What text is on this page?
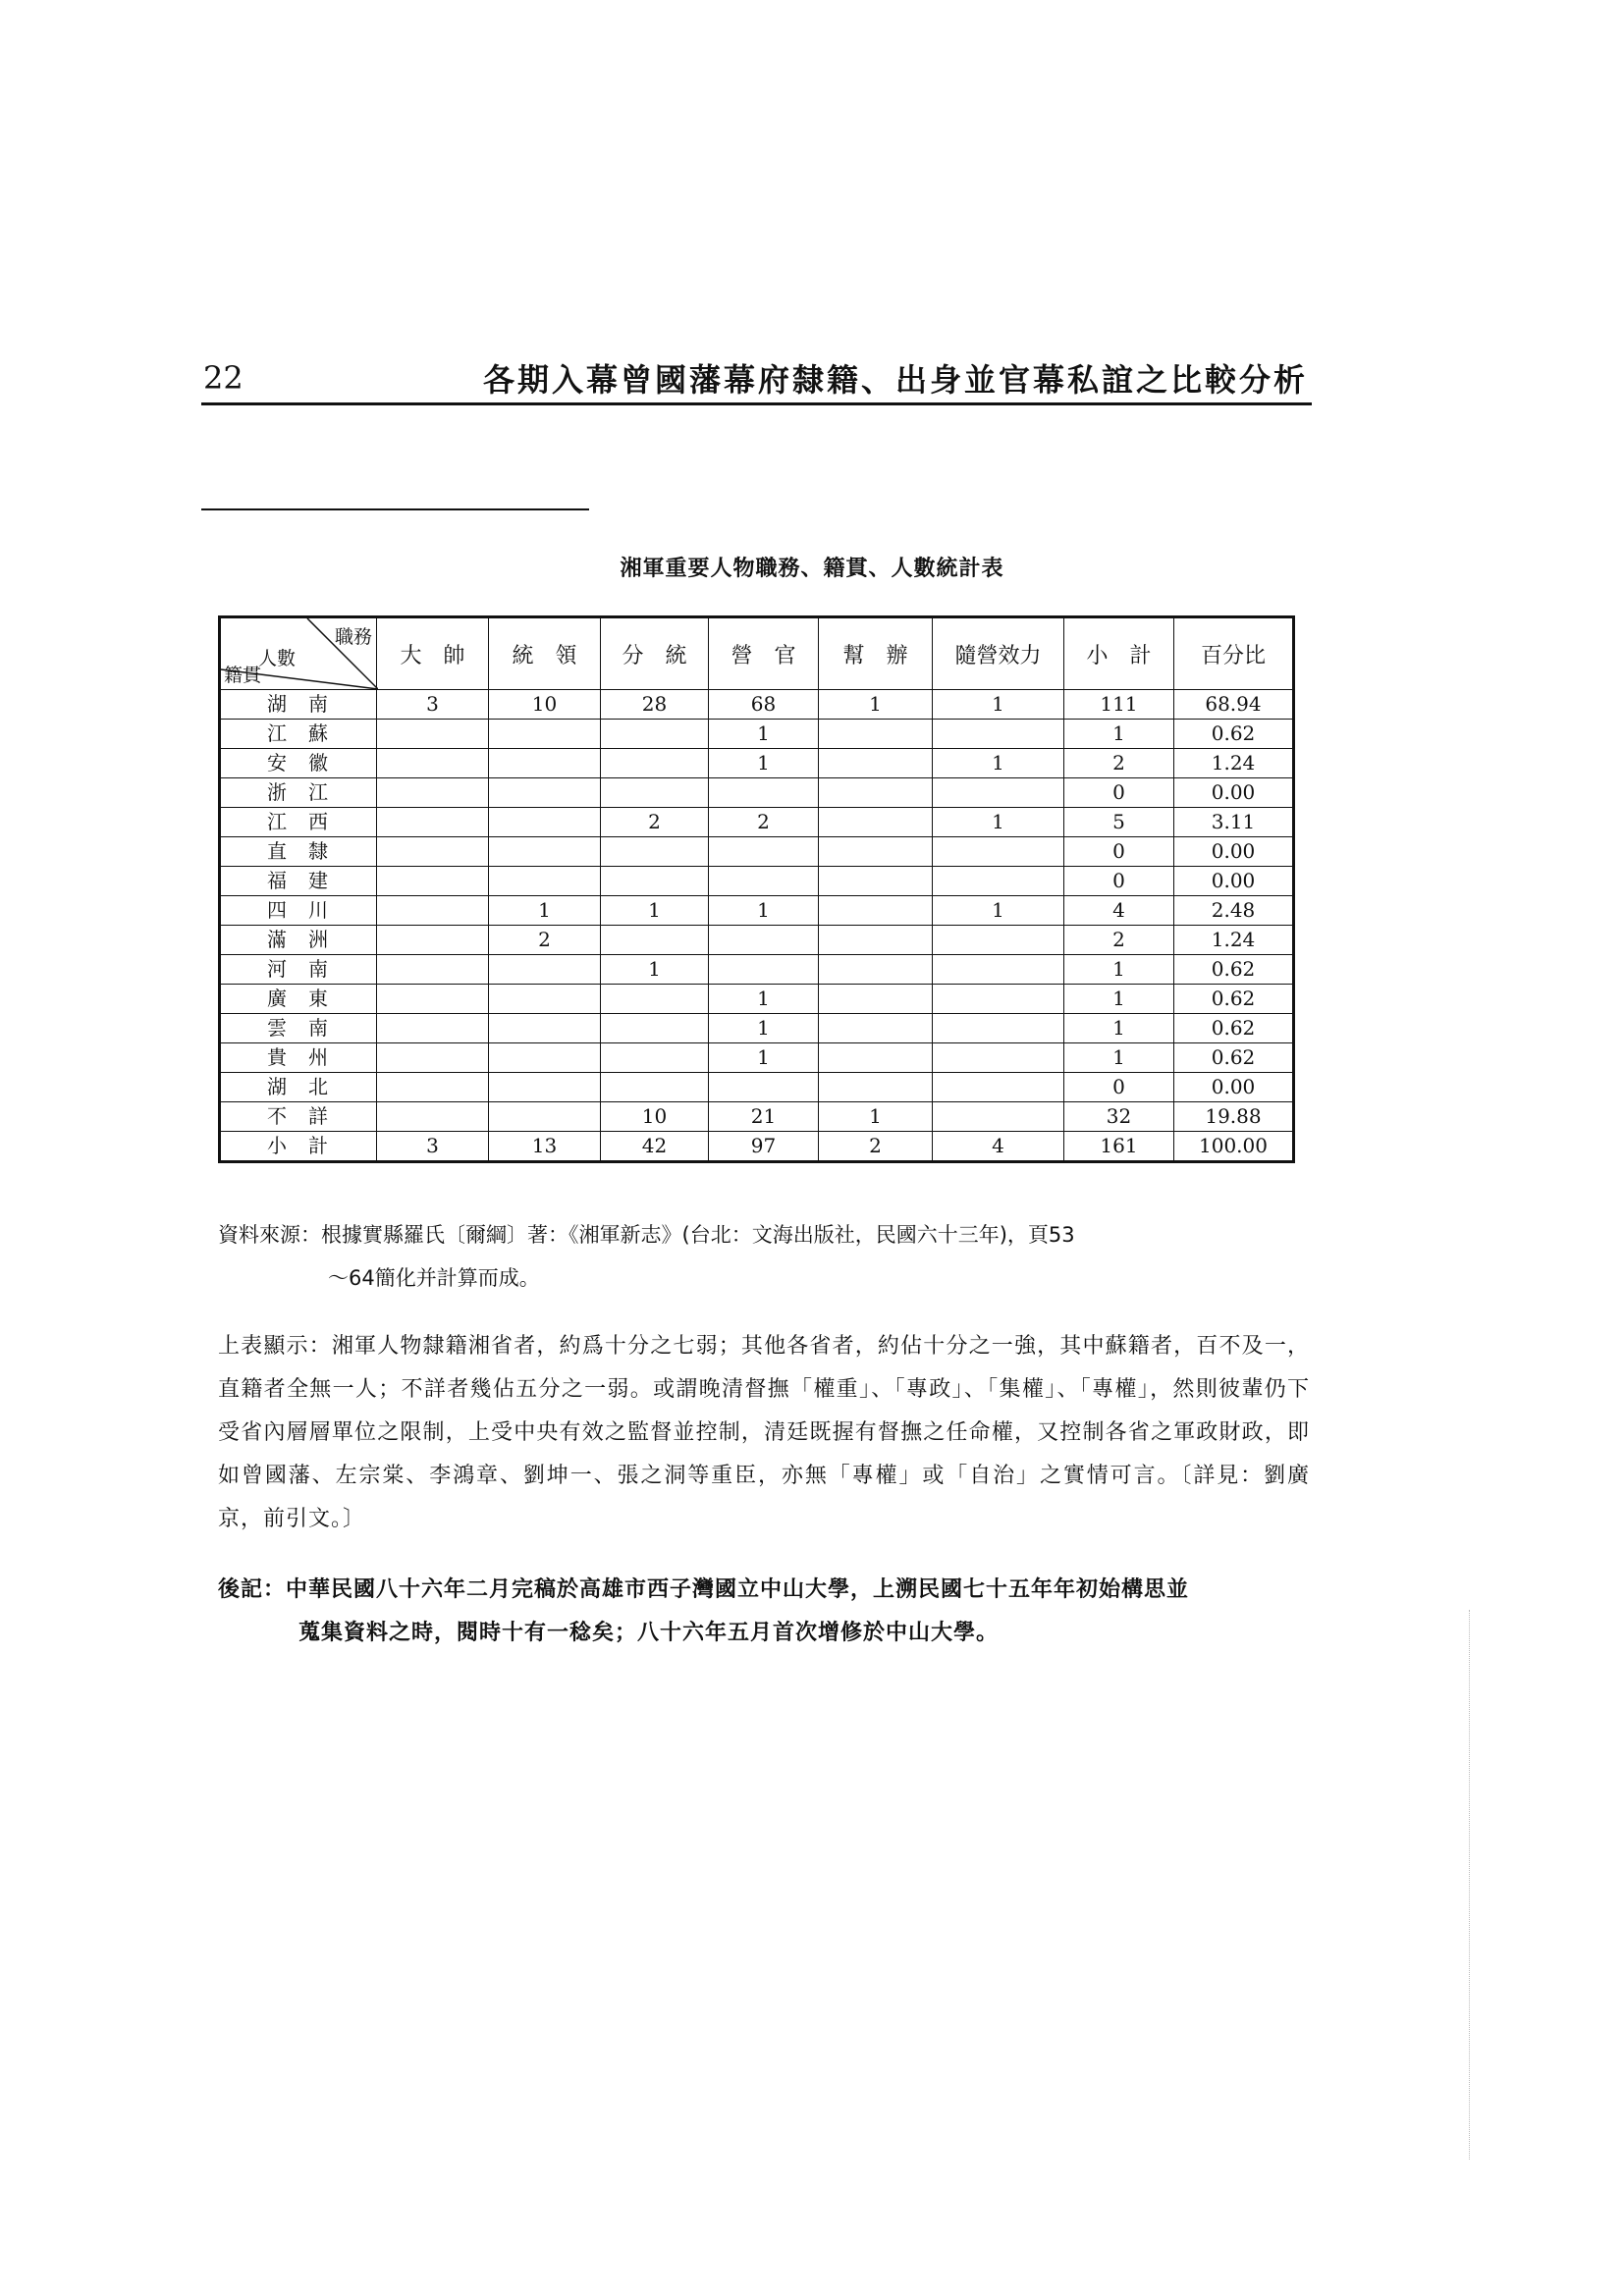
22	各期入幕曾國藩幕府隸籍、出身並官幕私誼之比較分析
湘軍重要人物職務、籍貫、人數統計表
職務
人數
籍貫	大　帥	統　領	分　統	營　官	幫　辦	隨營效力	小　計	百分比
湖南	3	10	28	68	1	1	111	68.94
江蘇				1			1	0.62
安徽				1		1	2	1.24
浙江							0	0.00
江西			2	2		1	5	3.11
直隸							0	0.00
福建							0	0.00
四川		1	1	1		1	4	2.48
滿洲		2					2	1.24
河南			1				1	0.62
廣東				1			1	0.62
雲南				1			1	0.62
貴州				1			1	0.62
湖北							0	0.00
不詳			10	21	1		32	19.88
小計	3	13	42	97	2	4	161	100.00
資料來源：根據實縣羅氏〔爾綱〕著：《湘軍新志》(台北：文海出版社，民國六十三年)，頁53
～64簡化并計算而成。
上表顯示：湘軍人物隸籍湘省者，約爲十分之七弱；其他各省者，約佔十分之一強，其中蘇籍者，百不及一，直籍者全無一人；不詳者幾佔五分之一弱。或謂晚清督撫「權重」、「專政」、「集權」、「專權」，然則彼輩仍下受省內層層單位之限制，上受中央有效之監督並控制，清廷既握有督撫之任命權，又控制各省之軍政財政，即如曾國藩、左宗棠、李鴻章、劉坤一、張之洞等重臣，亦無「專權」或「自治」之實情可言。〔詳見：劉廣京，前引文。〕
後記：中華民國八十六年二月完稿於高雄市西子灣國立中山大學，上溯民國七十五年年初始構思並
蒐集資料之時，閱時十有一稔矣；八十六年五月首次增修於中山大學。
